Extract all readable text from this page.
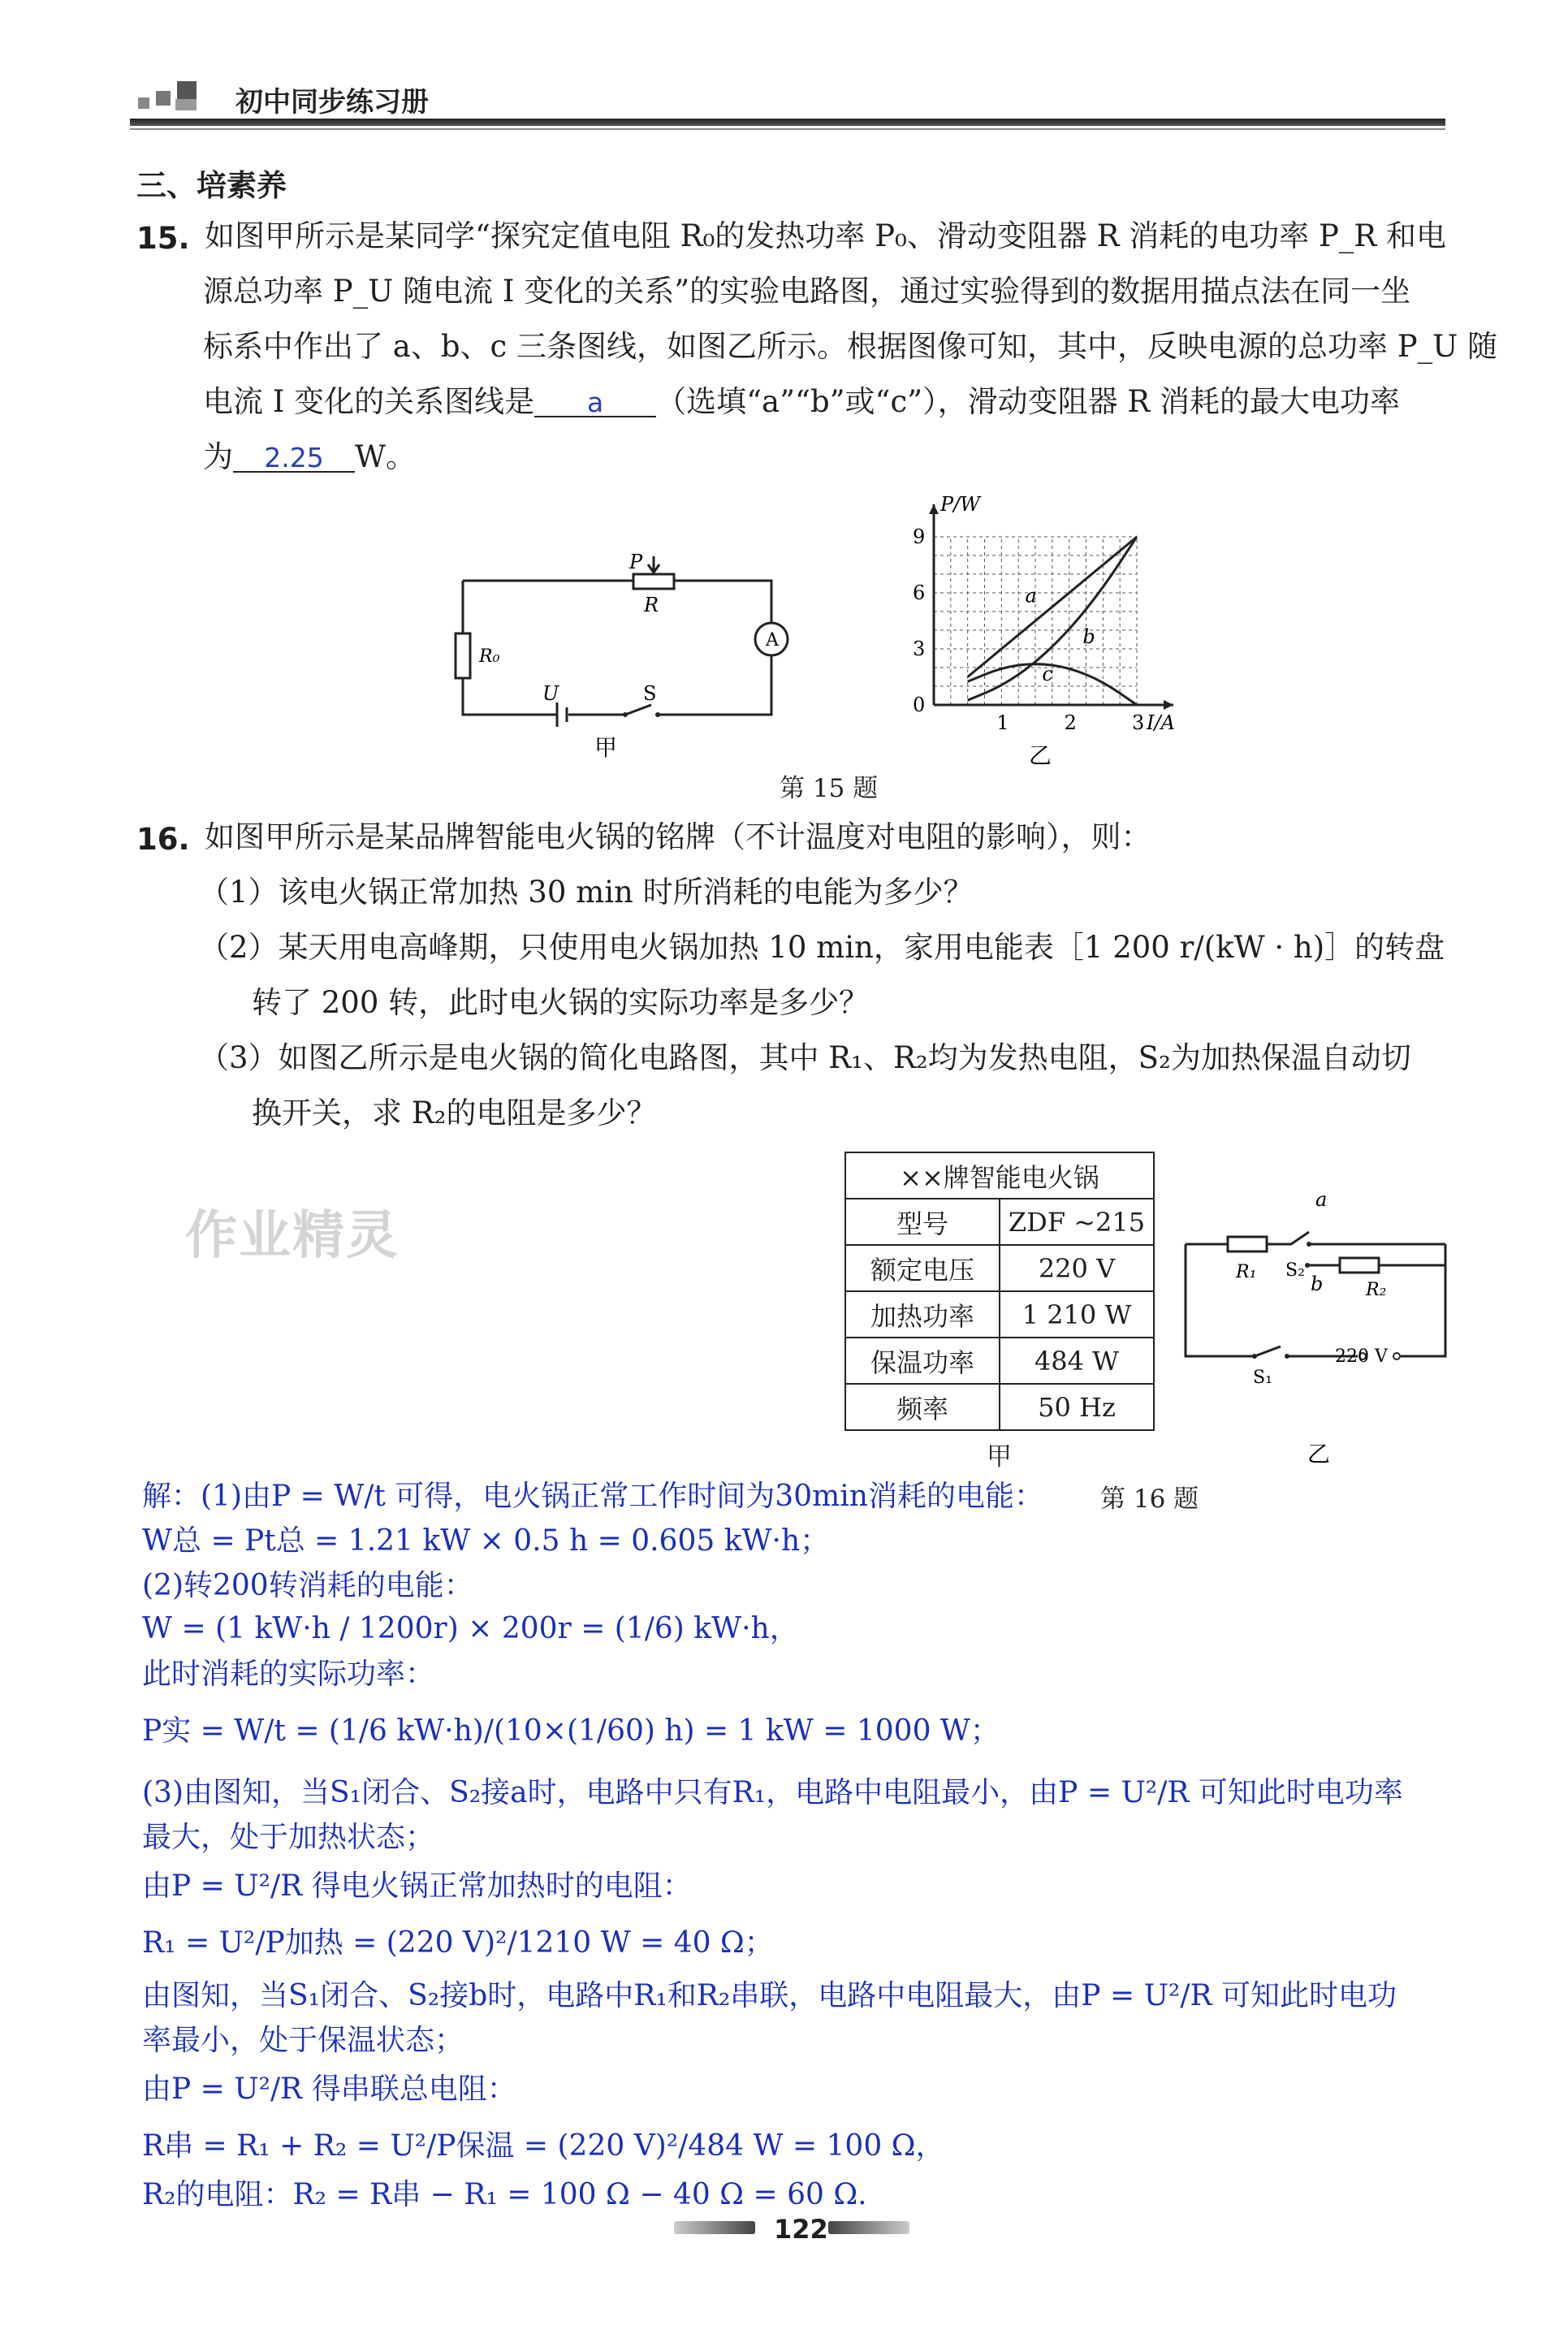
初中同步练习册
三、培素养
15. 如图甲所示是某同学“探究定值电阻 R₀的发热功率 P₀、滑动变阻器 R 消耗的电功率 P_R 和电
源总功率 P_U 随电流 I 变化的关系”的实验电路图，通过实验得到的数据用描点法在同一坐
标系中作出了 a、b、c 三条图线，如图乙所示。根据图像可知，其中，反映电源的总功率 P_U 随
电流 I 变化的关系图线是 a （选填“a”“b”或“c”），滑动变阻器 R 消耗的最大电功率
为 2.25 W。
P
R
R₀
U	S
A
甲
1	2	3
0
3
6
9
I/A
P/W
a
b
c
乙
第 15 题
16. 如图甲所示是某品牌智能电火锅的铭牌（不计温度对电阻的影响），则：
（1）该电火锅正常加热 30 min 时所消耗的电能为多少？
（2）某天用电高峰期，只使用电火锅加热 10 min，家用电能表［1 200 r/(kW · h)］的转盘
转了 200 转，此时电火锅的实际功率是多少？
（3）如图乙所示是电火锅的简化电路图，其中 R₁、R₂均为发热电阻，S₂为加热保温自动切
换开关，求 R₂的电阻是多少？
作业精灵
××牌智能电火锅	
型号	ZDF ~215
额定电压	220 V
加热功率	1 210 W
保温功率	484 W
频率	50 Hz
甲
a
b
R₁
R₂
S₂
S₁
220 V
乙
第 16 题
解：(1)由P = W/t 可得，电火锅正常工作时间为30min消耗的电能：
W总 = Pt总 = 1.21 kW × 0.5 h = 0.605 kW·h；
(2)转200转消耗的电能：
W = (1 kW·h / 1200r) × 200r = (1/6) kW·h，
此时消耗的实际功率：
P实 = W/t = (1/6 kW·h)/(10×(1/60) h) = 1 kW = 1000 W；
(3)由图知，当S₁闭合、S₂接a时，电路中只有R₁，电路中电阻最小，由P = U²/R 可知此时电功率
最大，处于加热状态；
由P = U²/R 得电火锅正常加热时的电阻：
R₁ = U²/P加热 = (220 V)²/1210 W = 40 Ω；
由图知，当S₁闭合、S₂接b时，电路中R₁和R₂串联，电路中电阻最大，由P = U²/R 可知此时电功
率最小，处于保温状态；
由P = U²/R 得串联总电阻：
R串 = R₁ + R₂ = U²/P保温 = (220 V)²/484 W = 100 Ω，
R₂的电阻：R₂ = R串 − R₁ = 100 Ω − 40 Ω = 60 Ω.
122
